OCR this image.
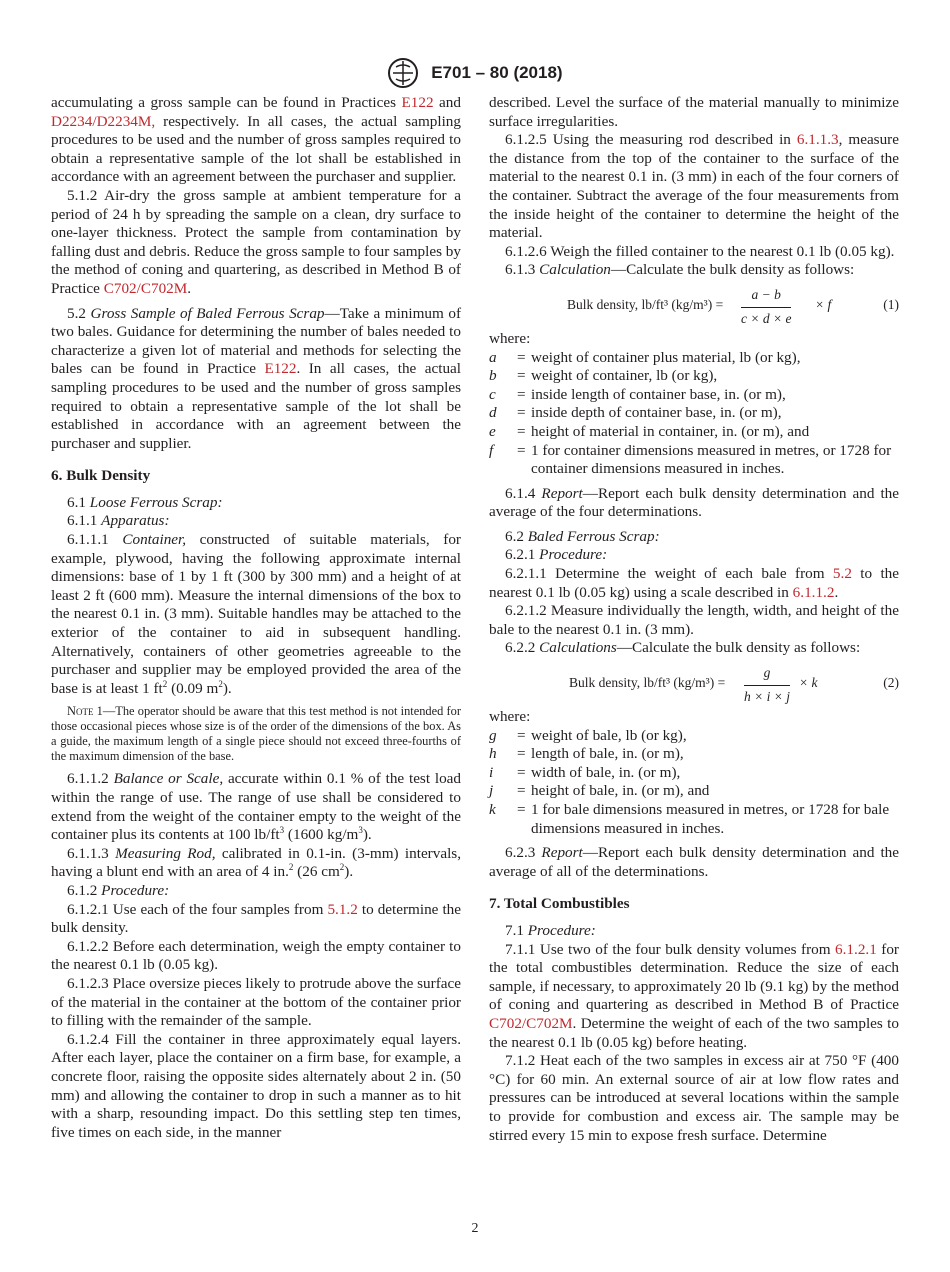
E701 – 80 (2018)

accumulating a gross sample can be found in Practices E122 and D2234/D2234M, respectively. In all cases, the actual sampling procedures to be used and the number of gross samples required to obtain a representative sample of the lot shall be established in accordance with an agreement between the purchaser and supplier.

5.1.2 Air-dry the gross sample at ambient temperature for a period of 24 h by spreading the sample on a clean, dry surface to one-layer thickness. Protect the sample from contamination by falling dust and debris. Reduce the gross sample to four samples by the method of coning and quartering, as described in Method B of Practice C702/C702M.

5.2 Gross Sample of Baled Ferrous Scrap—Take a minimum of two bales. Guidance for determining the number of bales needed to characterize a given lot of material and methods for selecting the bales can be found in Practice E122. In all cases, the actual sampling procedures to be used and the number of gross samples required to obtain a representative sample of the lot shall be established in accordance with an agreement between the purchaser and supplier.

6. Bulk Density

6.1 Loose Ferrous Scrap:

6.1.1 Apparatus:

6.1.1.1 Container, constructed of suitable materials, for example, plywood, having the following approximate internal dimensions: base of 1 by 1 ft (300 by 300 mm) and a height of at least 2 ft (600 mm). Measure the internal dimensions of the box to the nearest 0.1 in. (3 mm). Suitable handles may be attached to the exterior of the container to aid in subsequent handling. Alternatively, containers of other geometries agreeable to the purchaser and supplier may be employed provided the area of the base is at least 1 $ft^2$ (0.09 $m^2$).

Note 1—The operator should be aware that this test method is not intended for those occasional pieces whose size is of the order of the dimensions of the box. As a guide, the maximum length of a single piece should not exceed three-fourths of the maximum dimension of the base.

6.1.1.2 Balance or Scale, accurate within 0.1 % of the test load within the range of use. The range of use shall be considered to extend from the weight of the container empty to the weight of the container plus its contents at 100 $lb/ft^3$ (1600 $kg/m^3$).

6.1.1.3 Measuring Rod, calibrated in 0.1-in. (3-mm) intervals, having a blunt end with an area of 4 in.$^2$ (26 $cm^2$).

6.1.2 Procedure:

6.1.2.1 Use each of the four samples from 5.1.2 to determine the bulk density.

6.1.2.2 Before each determination, weigh the empty container to the nearest 0.1 lb (0.05 kg).

6.1.2.3 Place oversize pieces likely to protrude above the surface of the material in the container at the bottom of the container prior to filling with the remainder of the sample.

6.1.2.4 Fill the container in three approximately equal layers. After each layer, place the container on a firm base, for example, a concrete floor, raising the opposite sides alternately about 2 in. (50 mm) and allowing the container to drop in such a manner as to hit with a sharp, resounding impact. Do this settling step ten times, five times on each side, in the manner

described. Level the surface of the material manually to minimize surface irregularities.

6.1.2.5 Using the measuring rod described in 6.1.1.3, measure the distance from the top of the container to the surface of the material to the nearest 0.1 in. (3 mm) in each of the four corners of the container. Subtract the average of the four measurements from the inside height of the container to determine the height of the material.

6.1.2.6 Weigh the filled container to the nearest 0.1 lb (0.05 kg).

6.1.3 Calculation—Calculate the bulk density as follows:

Bulk density, lb/ft³ $(kg/m^3) = \frac{a - b}{c \times d \times e} \times f$	(1)

where:

a	=	weight of container plus material, lb (or kg),
b	=	weight of container, lb (or kg),
c	=	inside length of container base, in. (or m),
d	=	inside depth of container base, in. (or m),
e	=	height of material in container, in. (or m), and
f	=	1 for container dimensions measured in metres, or 1728 for container dimensions measured in inches.

6.1.4 Report—Report each bulk density determination and the average of the four determinations.

6.2 Baled Ferrous Scrap:

6.2.1 Procedure:

6.2.1.1 Determine the weight of each bale from 5.2 to the nearest 0.1 lb (0.05 kg) using a scale described in 6.1.1.2.

6.2.1.2 Measure individually the length, width, and height of the bale to the nearest 0.1 in. (3 mm).

6.2.2 Calculations—Calculate the bulk density as follows:

Bulk density, lb/ft³ $(kg/m^3) = \frac{g}{h \times i \times j} \times k$	(2)

where:

g	=	weight of bale, lb (or kg),
h	=	length of bale, in. (or m),
i	=	width of bale, in. (or m),
j	=	height of bale, in. (or m), and
k	=	1 for bale dimensions measured in metres, or 1728 for bale dimensions measured in inches.

6.2.3 Report—Report each bulk density determination and the average of all of the determinations.

7. Total Combustibles

7.1 Procedure:

7.1.1 Use two of the four bulk density volumes from 6.1.2.1 for the total combustibles determination. Reduce the size of each sample, if necessary, to approximately 20 lb (9.1 kg) by the method of coning and quartering as described in Method B of Practice C702/C702M. Determine the weight of each of the two samples to the nearest 0.1 lb (0.05 kg) before heating.

7.1.2 Heat each of the two samples in excess air at 750 °F (400 °C) for 60 min. An external source of air at low flow rates and pressures can be introduced at several locations within the sample to provide for combustion and excess air. The sample may be stirred every 15 min to expose fresh surface. Determine

2
